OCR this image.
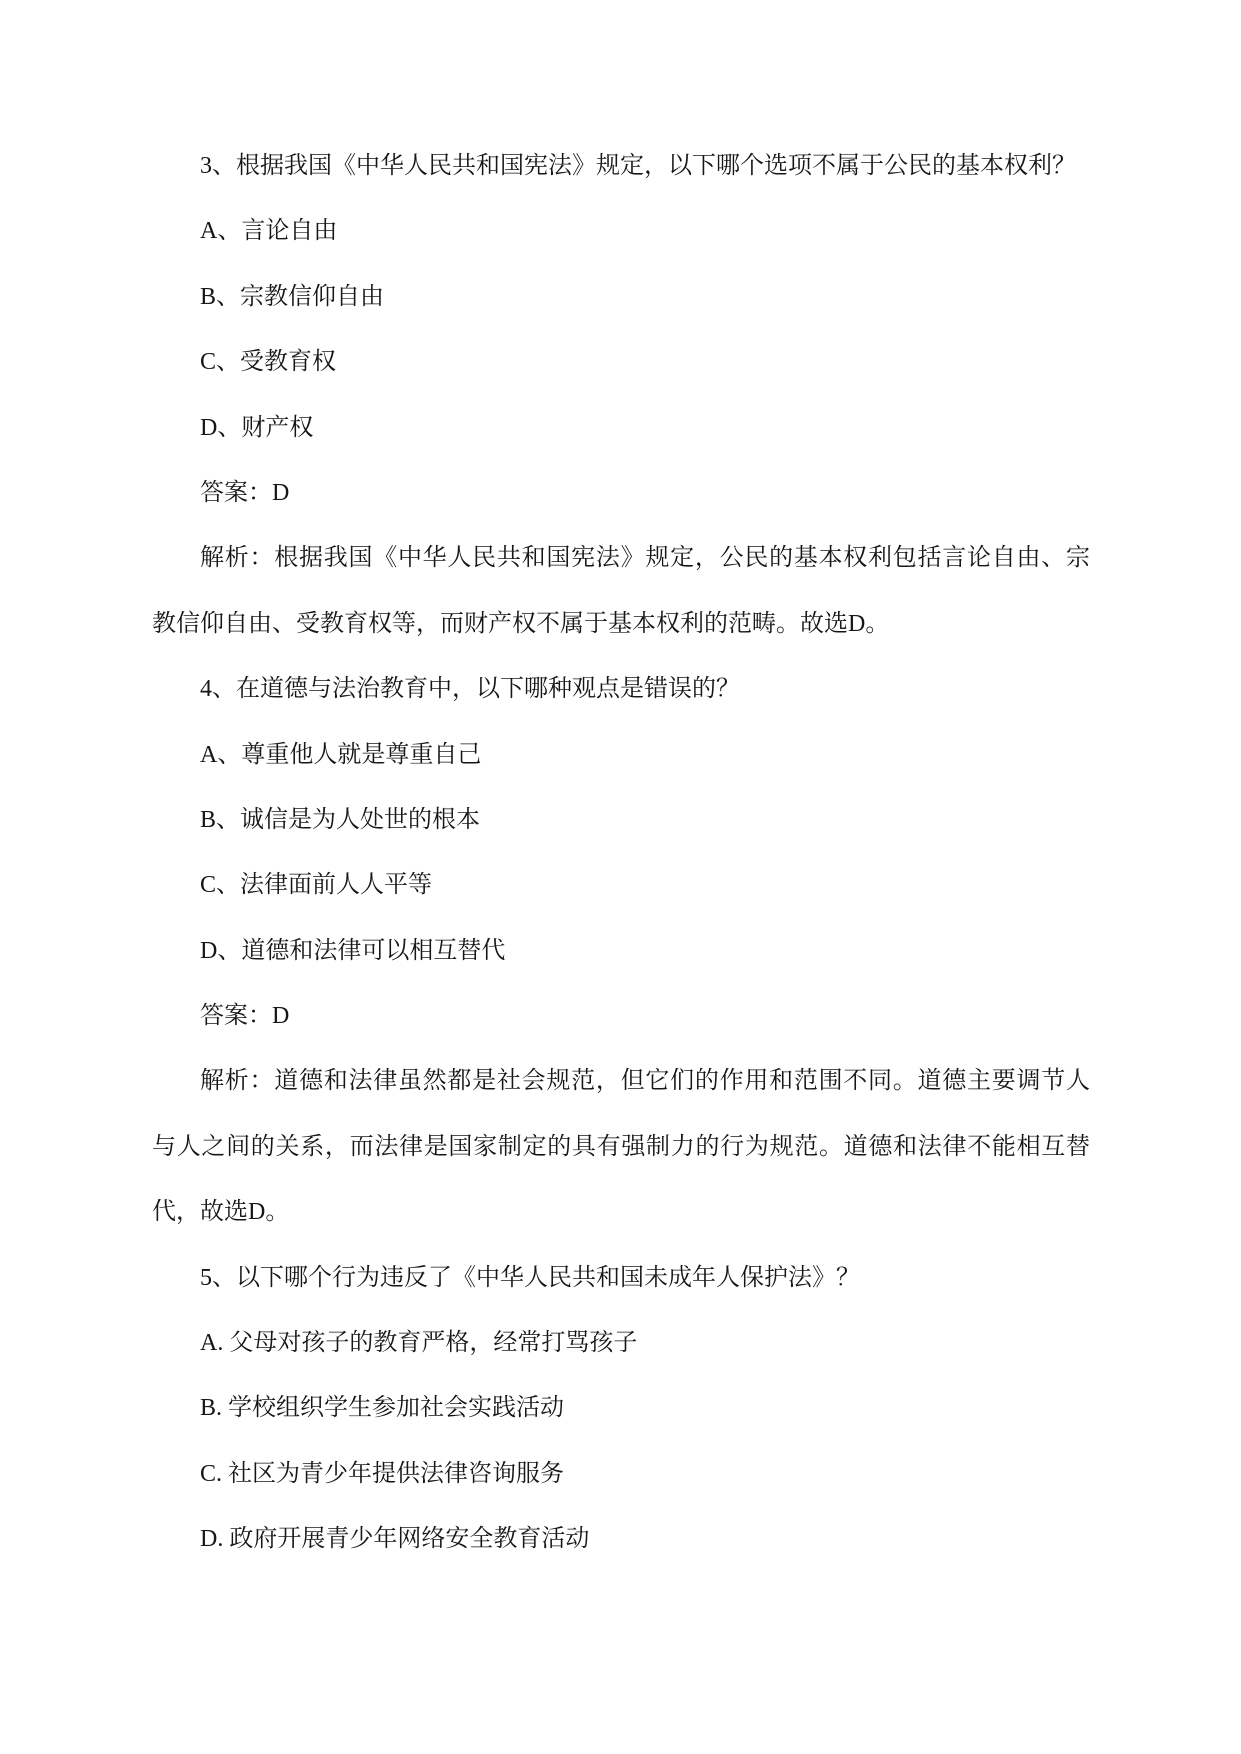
3、根据我国《中华人民共和国宪法》规定，以下哪个选项不属于公民的基本权利？
A、言论自由
B、宗教信仰自由
C、受教育权
D、财产权
答案：D
解析：根据我国《中华人民共和国宪法》规定，公民的基本权利包括言论自由、宗
教信仰自由、受教育权等，而财产权不属于基本权利的范畴。故选D。
4、在道德与法治教育中，以下哪种观点是错误的？
A、尊重他人就是尊重自己
B、诚信是为人处世的根本
C、法律面前人人平等
D、道德和法律可以相互替代
答案：D
解析：道德和法律虽然都是社会规范，但它们的作用和范围不同。道德主要调节人
与人之间的关系，而法律是国家制定的具有强制力的行为规范。道德和法律不能相互替
代，故选D。
5、以下哪个行为违反了《中华人民共和国未成年人保护法》？
A. 父母对孩子的教育严格，经常打骂孩子
B. 学校组织学生参加社会实践活动
C. 社区为青少年提供法律咨询服务
D. 政府开展青少年网络安全教育活动
